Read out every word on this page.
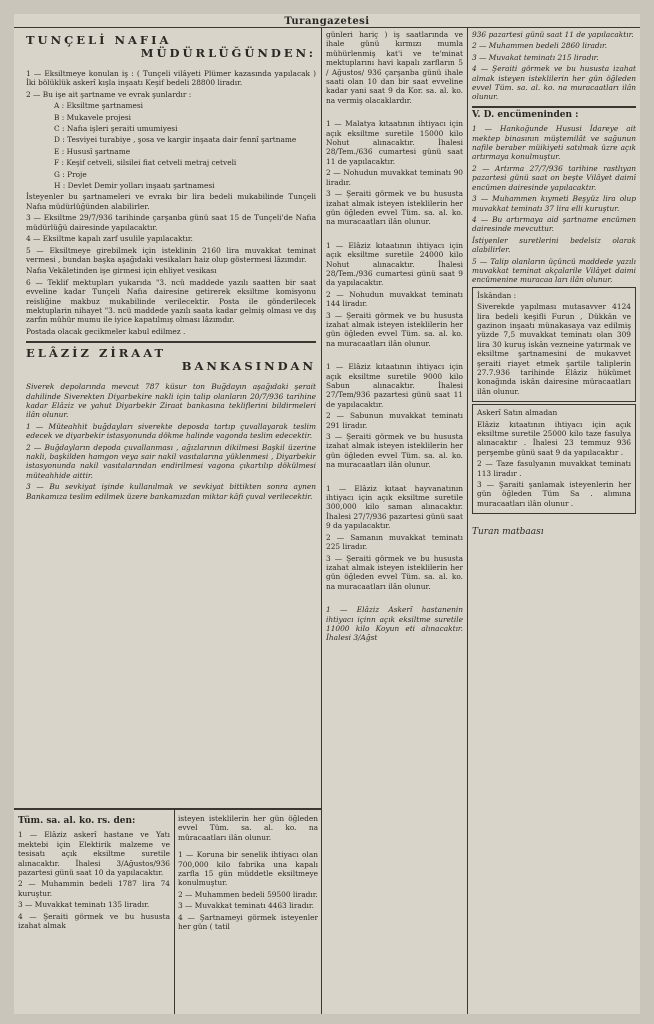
Turangazetesi
TUNÇELİ NAFIA
MÜDÜRLÜĞÜNDEN:

1 — Eksiltmeye konulan iş : ( Tunçeli vilâyeti Plümer kazasında yapılacak ) İki bölüklük askerî kışla inşaatı Keşif bedeli 28800 liradır.

2 — Bu işe ait şartname ve evrak şunlardır :

A : Eksiltme şartnamesi

B : Mukavele projesi

C : Nafıa işleri şeraiti umumiyesi

D : Tesviyei turabiye , şosa ve kargir inşaata dair fennî şartname

E : Hususî şartname

F : Keşif cetveli, silsilei fiat cetveli metraj cetveli

G : Proje

H : Devlet Demir yolları inşaatı şartnamesi

İsteyenler bu şartnameleri ve evrakı bir lira bedeli mukabilinde Tunçeli Nafıa müdürlüğünden alabilirler.

3 — Eksiltme 29/7/936 tarihinde çarşanba günü saat 15 de Tunçeli'de Nafıa müdürlüğü dairesinde yapılacaktır.

4 — Eksiltme kapalı zarf usulile yapılacaktır.

5 — Eksiltmeye girebilmek için isteklinin 2160 lira muvakkat teminat vermesi , bundan başka aşağıdaki vesikaları haiz olup göstermesi lâzımdır.

Nafıa Vekâletinden işe girmesi için ehliyet vesikası

6 — Teklif mektupları yukarıda "3. ncü maddede yazılı saatten bir saat evveline kadar Tunçeli Nafıa dairesine getirerek eksiltme komisyonu reisliğine makbuz mukabilinde verilecektir. Posta ile gönderilecek mektuplarin nihayet "3. ncü maddede yazılı saata kadar gelmiş olması ve dış zarfın mühür mumu ile iyice kapatılmış olması lâzımdır.

Postada olacak gecikmeler kabul edilmez .

ELÂZİZ ZİRAAT
BANKASINDAN

Siverek depolarında mevcut 787 küsur ton Buğdayın aşağıdaki şerait dahilinde Siverekten Diyarbekire nakli için talip olanların 20/7/936 tarihine kadar Elâziz ve yahut Diyarbekir Ziraat bankasına tekliflerini bildirmeleri ilân olunur.

1 — Müteahhit buğdayları siverekte deposda tartıp çuvallayarak teslim edecek ve diyarbekir istasyonunda dökme halinde vagonda teslim edecektir.

2 — Buğdayların depoda çuvallanması , ağızlarının dikilmesi Başkil üzerine nakli, başkilden hamgon veya sair nakil vasıtalarına yüklenmesi , Diyarbekir istasyonunda nakil vasıtalarından endirilmesi vagona çıkartılıp dökülmesi müteahhide aittir.

3 — Bu sevkiyat işinde kullanılmak ve sevkiyat bittikten sonra aynen Bankamıza teslim edilmek üzere bankamızdan miktar kâfi çuval verilecektir.

Tüm. sa. al. ko. rs. den:

1 — Elâziz askerî hastane ve Yatı mektebi için Elektirik malzeme ve tesisatı açık eksiltme suretile alınacaktır. İhalesi 3/Ağustos/936 pazartesi günü saat 10 da yapılacaktır.

2 — Muhammin bedeli 1787 lira 74 kuruştur.

3 — Muvakkat teminatı 135 liradır.

4 — Şeraiti görmek ve bu hususta izahat almak

isteyen isteklilerin her gün öğleden evvel Tüm. sa. al. ko. na müracaatları ilân olunur.

1 — Koruna bir senelik ihtiyacı olan 700,000 kilo fabrika una kapalı zarfla 15 gün müddetle eksiltmeye konulmuştur.

2 — Muhammen bedeli 59500 liradır.

3 — Muvakkat teminatı 4463 liradır.

4 — Şartnameyi görmek isteyenler her gün ( tatil

günleri hariç ) iş saatlarında ve ihale günü kırmızı mumla mühürlenmiş kat'i ve te'minat mektuplarını havi kapalı zarfların 5 / Ağustos/ 936 çarşanba günü ihale saati olan 10 dan bir saat evveline kadar yani saat 9 da Kor. sa. al. ko. na vermiş olacaklardır.

1 — Malatya kıtaatının ihtiyacı için açık eksiltme suretile 15000 kilo Nohut alınacaktır. İhalesi 28/Tem./636 cumartesi günü saat 11 de yapılacaktır.

2 — Nohudun muvakkat teminatı 90 liradır.

3 — Şeraiti görmek ve bu hususta izahat almak isteyen isteklilerin her gün öğleden evvel Tüm. sa. al. ko. na muracaatları ilân olunur.

1 — Elâziz kıtaatının ihtiyacı için açık eksiltme suretile 24000 kilo Nohut alınacaktır. İhalesi 28/Tem./936 cumartesi günü saat 9 da yapılacaktır.

2 — Nohudun muvakkat teminatı 144 liradır.

3 — Şeraiti görmek ve bu hususta izahat almak isteyen isteklilerin her gün öğleden evvel Tüm. sa. al. ko. na muracaatları ilân olunur.

1 — Elâziz kıtaatının ihtiyacı için açık eksiltme suretile 9000 kilo Sabun alınacaktır. İhalesi 27/Tem/936 pazartesi günü saat 11 de yapılacaktır.

2 — Sabunun muvakkat teminatı 291 liradır.

3 — Şeraiti görmek ve bu hususta izahat almak isteyen isteklilerin her gün öğleden evvel Tüm. sa. al. ko. na muracaatları ilân olunur.

1 — Elâziz kıtaat hayvanatının ihtiyacı için açık eksiltme suretile 300,000 kilo saman alınacaktır. İhalesi 27/7/936 pazartesi günü saat 9 da yapılacaktır.

2 — Samanın muvakkat teminatı 225 liradır.

3 — Şeraiti görmek ve bu hususta izahat almak isteyen isteklilerin her gün öğleden evvel Tüm. sa. al. ko. na muracaatları ilân olunur.

1 — Elâziz Askerî hastanenin ihtiyacı içinn açık eksiltme suretile 11000 kilo Koyun eti alınacaktır. İhalesi 3/Ağst

936 pazartesi günü saat 11 de yapılacaktır.

2 — Muhammen bedeli 2860 liradır.

3 — Muvakat teminatı 215 liradır.

4 — Şeraiti görmek ve bu hususta izahat almak isteyen isteklilerin her gün öğleden evvel Tüm. sa. al. ko. na muracaatları ilân olunur.

V. D. encümeninden :

1 — Hankoğunde Hususi İdareye ait mektep binasının müştemilât ve sağunun nafile beraber müikiyeti satılmak üzre açık artırmaya konulmuştur.

2 — Artırma 27/7/936 tarihine rastlıyan pazartesi günü saat on beşte Vilâyet daimî encümen dairesinde yapılacaktır.

3 — Muhammen kıymeti Beşyüz lira olup muvakkat teminatı 37 lira elli kuruştur.

4 — Bu artırmaya aid şartname encümen dairesinde mevcuttur.

İstiyenler suretlerini bedelsiz olarak alabilirler.

5 — Talip olanların üçüncü maddede yazılı muvakkat teminat akçalarile Vilâyet daimi encümenine muracaa ları ilân olunur.

İskândan :

Siverekde yapılması mutasavver 4124 lira bedeli keşifli Furun , Dükkân ve gazinon inşaatı münakasaya vaz edilmiş yüzde 7,5 muvakkat teminatı olan 309 lira 30 kuruş iskân vezneine yatırmak ve eksiltme şartnamesini de mukavvet şeraiti riayet etmek şartile taliplerin 27.7.936 tarihinde Elâziz hükümet konağında iskân dairesine müracaatları ilân olunur.

Askerî Satın almadan

Elâziz kıtaatının ihtiyacı için açık eksiltme suretile 25000 kilo taze fasulya alınacaktır . İhalesi 23 temmuz 936 perşembe günü saat 9 da yapılacaktır .

2 — Taze fasulyanın muvakkat teminatı 113 liradır .

3 — Şaraiti şanlamak isteyenlerin her gün öğleden Tüm Sa . alımına muracaatları ilân olunur .

Turan matbaası
